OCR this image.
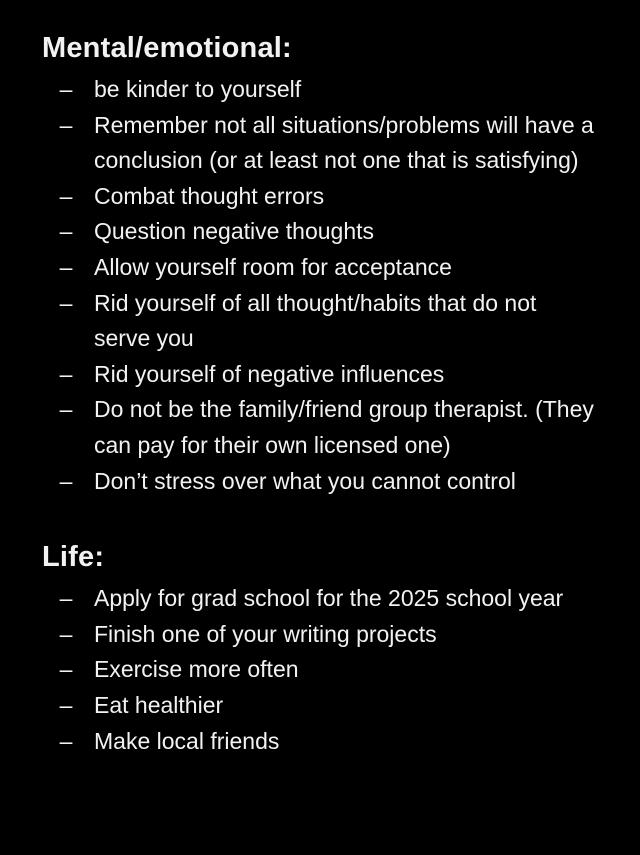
Mental/emotional:
– be kinder to yourself
– Remember not all situations/problems will have a conclusion (or at least not one that is satisfying)
– Combat thought errors
– Question negative thoughts
– Allow yourself room for acceptance
– Rid yourself of all thought/habits that do not serve you
– Rid yourself of negative influences
– Do not be the family/friend group therapist. (They can pay for their own licensed one)
– Don’t stress over what you cannot control
Life:
– Apply for grad school for the 2025 school year
– Finish one of your writing projects
– Exercise more often
– Eat healthier
– Make local friends
